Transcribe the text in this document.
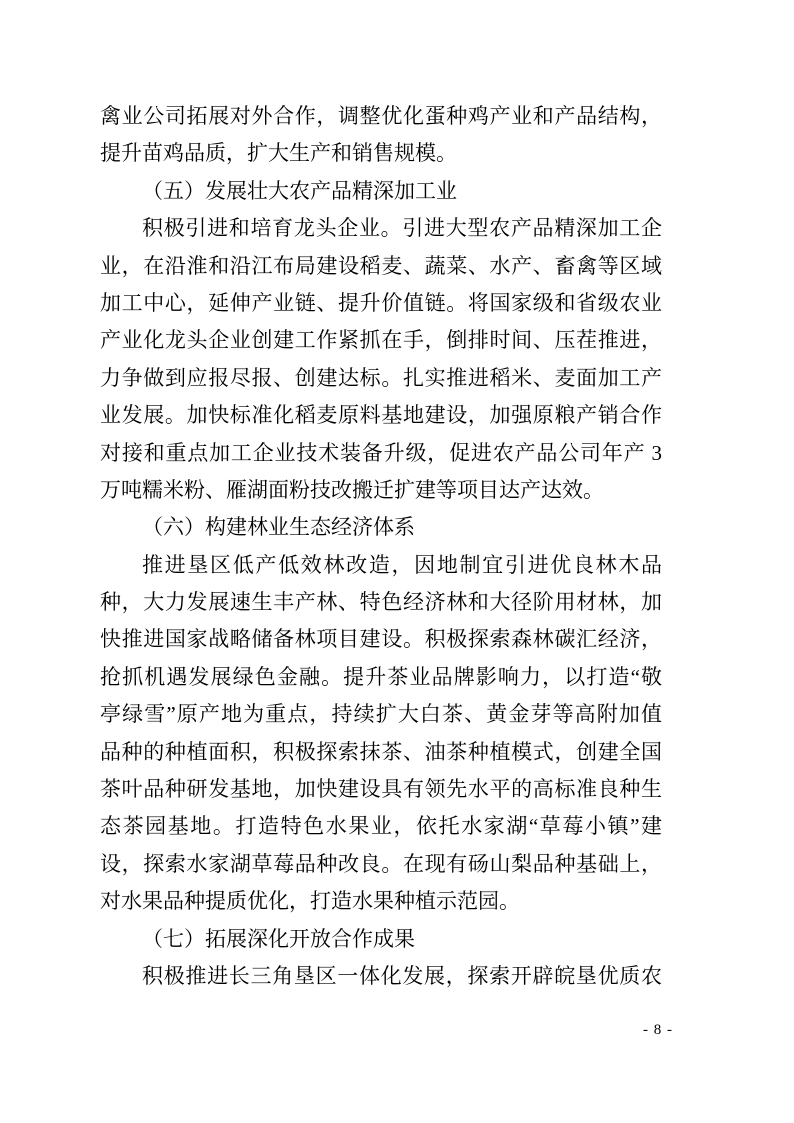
禽业公司拓展对外合作，调整优化蛋种鸡产业和产品结构，
提升苗鸡品质，扩大生产和销售规模。
（五）发展壮大农产品精深加工业
积极引进和培育龙头企业。引进大型农产品精深加工企
业，在沿淮和沿江布局建设稻麦、蔬菜、水产、畜禽等区域
加工中心，延伸产业链、提升价值链。将国家级和省级农业
产业化龙头企业创建工作紧抓在手，倒排时间、压茬推进，
力争做到应报尽报、创建达标。扎实推进稻米、麦面加工产
业发展。加快标准化稻麦原料基地建设，加强原粮产销合作
对接和重点加工企业技术装备升级，促进农产品公司年产 3
万吨糯米粉、雁湖面粉技改搬迁扩建等项目达产达效。
（六）构建林业生态经济体系
推进垦区低产低效林改造，因地制宜引进优良林木品
种，大力发展速生丰产林、特色经济林和大径阶用材林，加
快推进国家战略储备林项目建设。积极探索森林碳汇经济，
抢抓机遇发展绿色金融。提升茶业品牌影响力，以打造“敬
亭绿雪”原产地为重点，持续扩大白茶、黄金芽等高附加值
品种的种植面积，积极探索抹茶、油茶种植模式，创建全国
茶叶品种研发基地，加快建设具有领先水平的高标准良种生
态茶园基地。打造特色水果业，依托水家湖“草莓小镇”建
设，探索水家湖草莓品种改良。在现有砀山梨品种基础上，
对水果品种提质优化，打造水果种植示范园。
（七）拓展深化开放合作成果
积极推进长三角垦区一体化发展，探索开辟皖垦优质农
- 8 -
